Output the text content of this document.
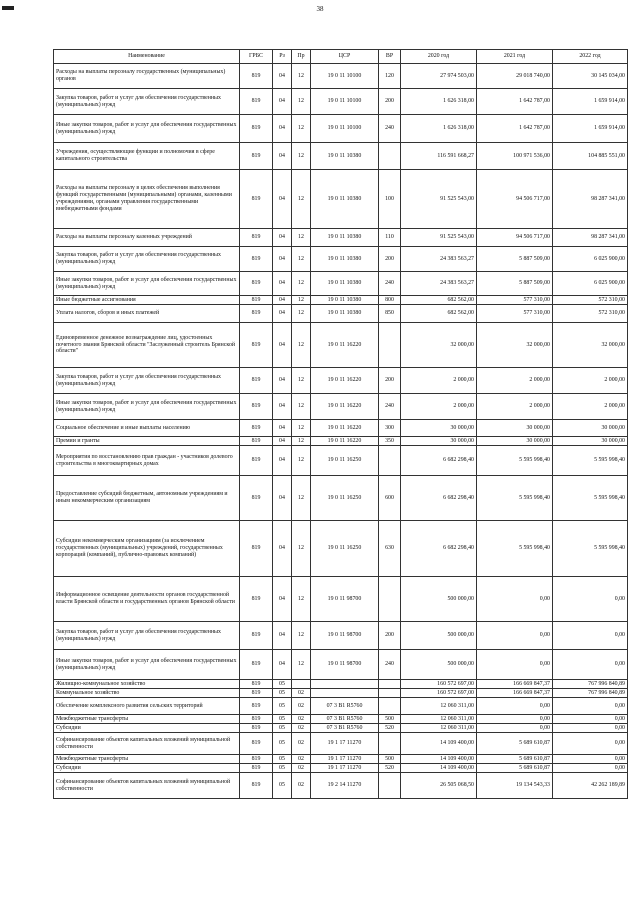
38
Наименование	ГРБС	Рз	Пр	ЦСР	ВР	2020 год	2021 год	2022 год
Расходы на выплаты персоналу государственных (муниципальных) органов	819	04	12	19 0 11 10100	120	27 974 503,00	29 018 740,00	30 145 034,00
Закупка товаров, работ и услуг для обеспечения государственных (муниципальных) нужд	819	04	12	19 0 11 10100	200	1 626 318,00	1 642 787,00	1 659 914,00
Иные закупки товаров, работ и услуг для обеспечения государственных (муниципальных) нужд	819	04	12	19 0 11 10100	240	1 626 318,00	1 642 787,00	1 659 914,00
Учреждения, осуществляющие функции и полномочия в сфере капитального строительства	819	04	12	19 0 11 10380		116 591 668,27	100 971 536,00	104 885 551,00
Расходы на выплаты персоналу в целях обеспечения выполнения функций государственными (муниципальными) органами, казенными учреждениями, органами управления государственными внебюджетными фондами	819	04	12	19 0 11 10380	100	91 525 543,00	94 506 717,00	98 287 341,00
Расходы на выплаты персоналу казенных учреждений	819	04	12	19 0 11 10380	110	91 525 543,00	94 506 717,00	98 287 341,00
Закупка товаров, работ и услуг для обеспечения государственных (муниципальных) нужд	819	04	12	19 0 11 10380	200	24 383 563,27	5 887 509,00	6 025 900,00
Иные закупки товаров, работ и услуг для обеспечения государственных (муниципальных) нужд	819	04	12	19 0 11 10380	240	24 383 563,27	5 887 509,00	6 025 900,00
Иные бюджетные ассигнования	819	04	12	19 0 11 10380	800	682 562,00	577 310,00	572 310,00
Уплата налогов, сборов и иных платежей	819	04	12	19 0 11 10380	850	682 562,00	577 310,00	572 310,00
Единовременное денежное вознаграждение лиц, удостоенных почетного звания Брянской области "Заслуженный строитель Брянской области"	819	04	12	19 0 11 16220		32 000,00	32 000,00	32 000,00
Закупка товаров, работ и услуг для обеспечения государственных (муниципальных) нужд	819	04	12	19 0 11 16220	200	2 000,00	2 000,00	2 000,00
Иные закупки товаров, работ и услуг для обеспечения государственных (муниципальных) нужд	819	04	12	19 0 11 16220	240	2 000,00	2 000,00	2 000,00
Социальное обеспечение и иные выплаты населению	819	04	12	19 0 11 16220	300	30 000,00	30 000,00	30 000,00
Премии и гранты	819	04	12	19 0 11 16220	350	30 000,00	30 000,00	30 000,00
Мероприятия по восстановлению прав граждан - участников долевого строительства в многоквартирных домах	819	04	12	19 0 11 16250		6 682 298,40	5 595 998,40	5 595 998,40
Предоставление субсидий бюджетным, автономным учреждениям и иным некоммерческим организациям	819	04	12	19 0 11 16250	600	6 682 298,40	5 595 998,40	5 595 998,40
Субсидии некоммерческим организациям (за исключением государственных (муниципальных) учреждений, государственных корпораций (компаний), публично-правовых компаний)	819	04	12	19 0 11 16250	630	6 682 298,40	5 595 998,40	5 595 998,40
Информационное освещение деятельности органов государственной власти Брянской области и государственных органов Брянской области	819	04	12	19 0 11 98700		500 000,00	0,00	0,00
Закупка товаров, работ и услуг для обеспечения государственных (муниципальных) нужд	819	04	12	19 0 11 98700	200	500 000,00	0,00	0,00
Иные закупки товаров, работ и услуг для обеспечения государственных (муниципальных) нужд	819	04	12	19 0 11 98700	240	500 000,00	0,00	0,00
Жилищно-коммунальное хозяйство	819	05				160 572 697,00	166 669 847,37	767 996 840,89
Коммунальное хозяйство	819	05	02			160 572 697,00	166 669 847,37	767 996 840,89
Обеспечение комплексного развития сельских территорий	819	05	02	07 3 B1 R5760		12 060 311,00	0,00	0,00
Межбюджетные трансферты	819	05	02	07 3 B1 R5760	500	12 060 311,00	0,00	0,00
Субсидии	819	05	02	07 3 B1 R5760	520	12 060 311,00	0,00	0,00
Софинансирование объектов капитальных вложений муниципальной собственности	819	05	02	19 1 17 11270		14 109 400,00	5 689 610,87	0,00
Межбюджетные трансферты	819	05	02	19 1 17 11270	500	14 109 400,00	5 689 610,87	0,00
Субсидии	819	05	02	19 1 17 11270	520	14 109 400,00	5 689 610,87	0,00
Софинансирование объектов капитальных вложений муниципальной собственности	819	05	02	19 2 14 11270		26 505 068,50	19 134 543,33	42 262 189,89
